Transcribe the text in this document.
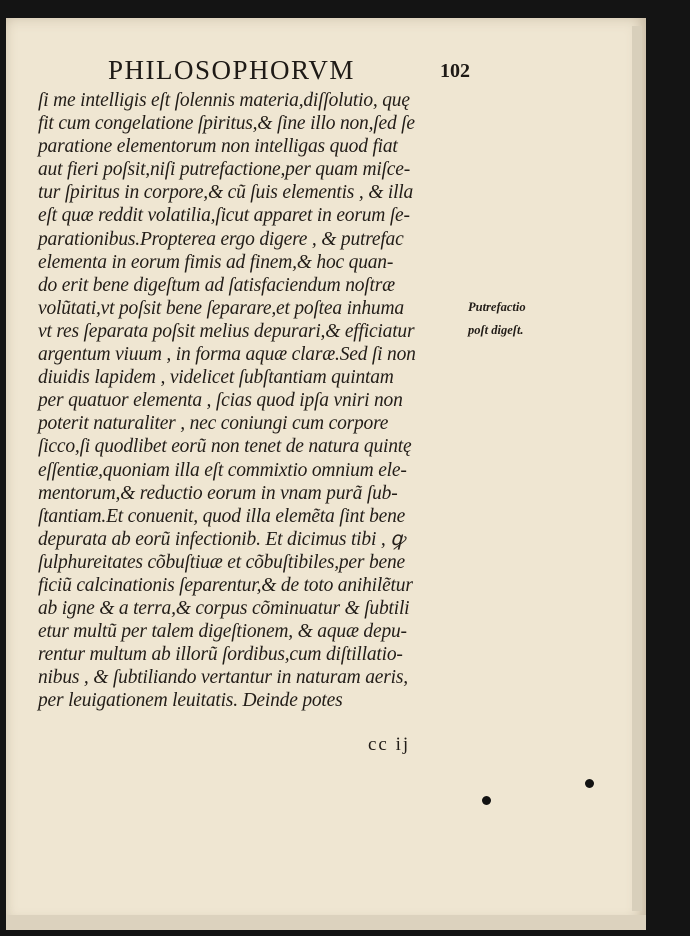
PHILOSOPHORVM	102
ſi me intelligis eſt ſolennis materia,diſſolutio, quę
fit cum congelatione ſpiritus,& ſine illo non,ſed ſe
paratione elementorum non intelligas quod fiat
aut fieri poſsit,niſi putrefactione,per quam miſce-
tur ſpiritus in corpore,& cũ ſuis elementis , & illa
eſt quæ reddit volatilia,ſicut apparet in eorum ſe-
parationibus.Propterea ergo digere , & putrefac
elementa in eorum fimis ad finem,& hoc quan-
do erit bene digeſtum ad ſatisfaciendum noſtræ
volũtati,vt poſsit bene ſeparare,et poſtea inhuma
vt res ſeparata poſsit melius depurari,& efficiatur
argentum viuum , in forma aquæ claræ.Sed ſi non
diuidis lapidem , videlicet ſubſtantiam quintam
per quatuor elementa , ſcias quod ipſa vniri non
poterit naturaliter , nec coniungi cum corpore
ſicco,ſi quodlibet eorũ non tenet de natura quintę
eſſentiæ,quoniam illa eſt commixtio omnium ele-
mentorum,& reductio eorum in vnam purã ſub-
ſtantiam.Et conuenit, quod illa elemẽta ſint bene
depurata ab eorũ infectionib. Et dicimus tibi , ꝙ
ſulphureitates cõbuſtiuæ et cõbuſtibiles,per bene
ficiũ calcinationis ſeparentur,& de toto anihilẽtur
ab igne & a terra,& corpus cõminuatur & ſubtili
etur multũ per talem digeſtionem, & aquæ depu-
rentur multum ab illorũ ſordibus,cum diſtillatio-
nibus , & ſubtiliando vertantur in naturam aeris,
per leuigationem leuitatis. Deinde potes
Putrefactio
poſt digeſt.
cc ij
